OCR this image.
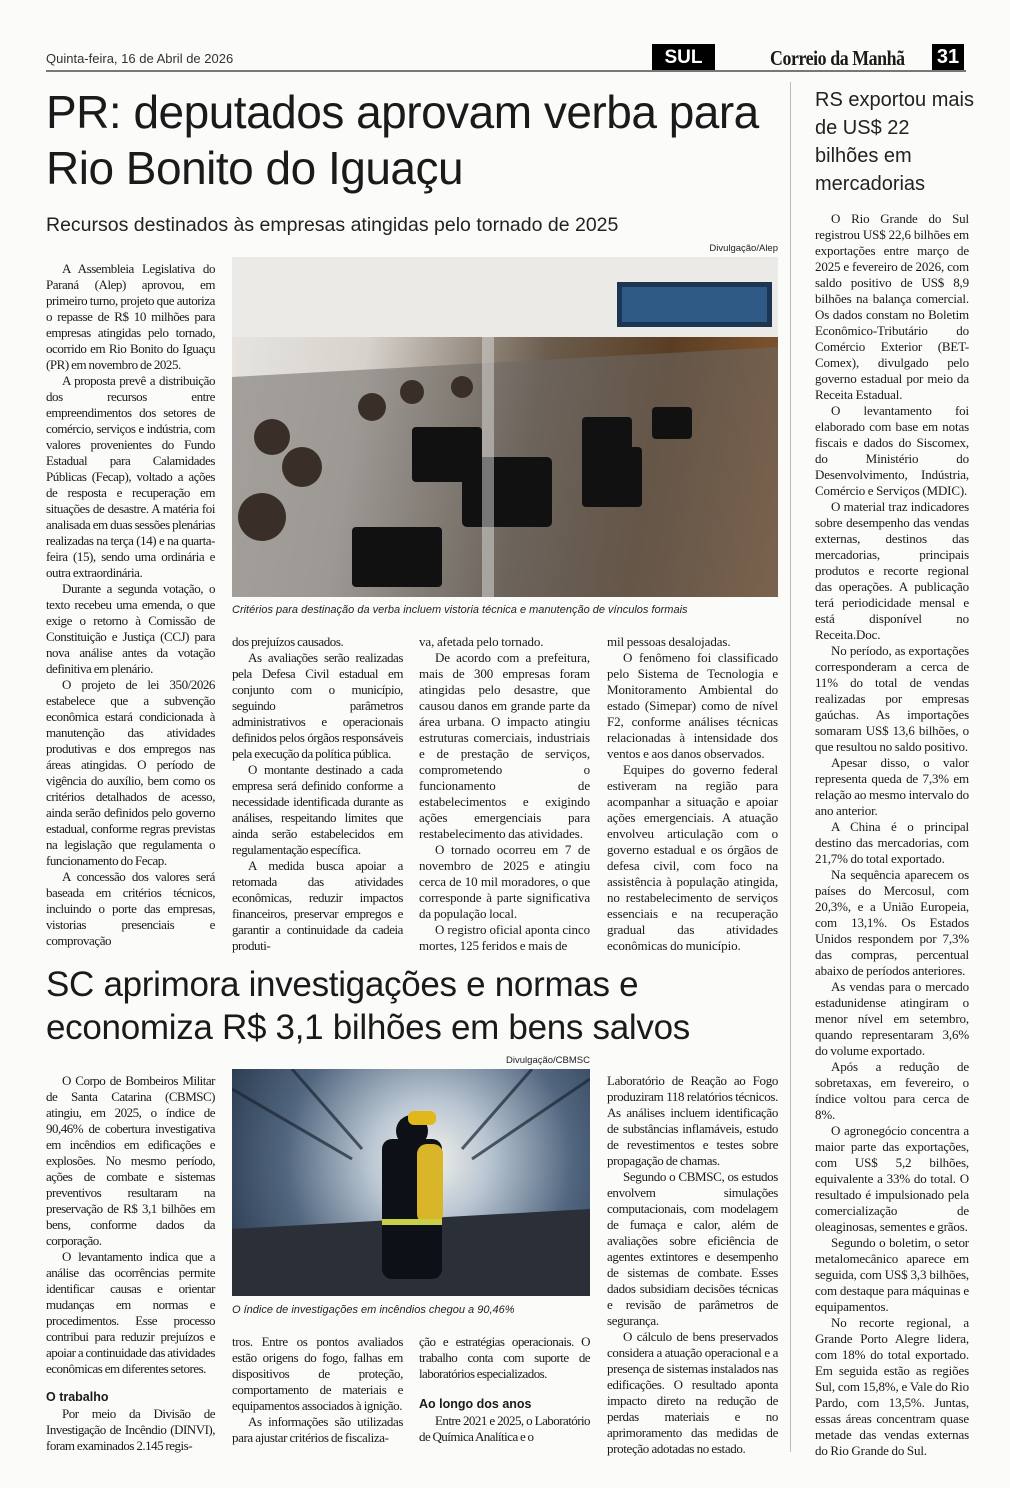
Quinta-feira, 16 de Abril de 2026	SUL	Correio da Manhã 31
PR: deputados aprovam verba para Rio Bonito do Iguaçu
Recursos destinados às empresas atingidas pelo tornado de 2025
Divulgação/Alep
Critérios para destinação da verba incluem vistoria técnica e manutenção de vínculos formais

A Assembleia Legislativa do Paraná (Alep) aprovou, em primeiro turno, projeto que autoriza o repasse de R$ 10 milhões para empresas atingidas pelo tornado, ocorrido em Rio Bonito do Iguaçu (PR) em novembro de 2025.

A proposta prevê a distribuição dos recursos entre empreendimentos dos setores de comércio, serviços e indústria, com valores provenientes do Fundo Estadual para Calamidades Públicas (Fecap), voltado a ações de resposta e recuperação em situações de desastre. A matéria foi analisada em duas sessões plenárias realizadas na terça (14) e na quarta-feira (15), sendo uma ordinária e outra extraordinária.

Durante a segunda votação, o texto recebeu uma emenda, o que exige o retorno à Comissão de Constituição e Justiça (CCJ) para nova análise antes da votação definitiva em plenário.

O projeto de lei 350/2026 estabelece que a subvenção econômica estará condicionada à manutenção das atividades produtivas e dos empregos nas áreas atingidas. O período de vigência do auxílio, bem como os critérios detalhados de acesso, ainda serão definidos pelo governo estadual, conforme regras previstas na legislação que regulamenta o funcionamento do Fecap.

A concessão dos valores será baseada em critérios técnicos, incluindo o porte das empresas, vistorias presenciais e comprovação

dos prejuízos causados.

As avaliações serão realizadas pela Defesa Civil estadual em conjunto com o município, seguindo parâmetros administrativos e operacionais definidos pelos órgãos responsáveis pela execução da política pública.

O montante destinado a cada empresa será definido conforme a necessidade identificada durante as análises, respeitando limites que ainda serão estabelecidos em regulamentação específica.

A medida busca apoiar a retomada das atividades econômicas, reduzir impactos financeiros, preservar empregos e garantir a continuidade da cadeia produti-

va, afetada pelo tornado.

De acordo com a prefeitura, mais de 300 empresas foram atingidas pelo desastre, que causou danos em grande parte da área urbana. O impacto atingiu estruturas comerciais, industriais e de prestação de serviços, comprometendo o funcionamento de estabelecimentos e exigindo ações emergenciais para restabelecimento das atividades.

O tornado ocorreu em 7 de novembro de 2025 e atingiu cerca de 10 mil moradores, o que corresponde à parte significativa da população local.

O registro oficial aponta cinco mortes, 125 feridos e mais de

mil pessoas desalojadas.

O fenômeno foi classificado pelo Sistema de Tecnologia e Monitoramento Ambiental do estado (Simepar) como de nível F2, conforme análises técnicas relacionadas à intensidade dos ventos e aos danos observados.

Equipes do governo federal estiveram na região para acompanhar a situação e apoiar ações emergenciais. A atuação envolveu articulação com o governo estadual e os órgãos de defesa civil, com foco na assistência à população atingida, no restabelecimento de serviços essenciais e na recuperação gradual das atividades econômicas do município.

SC aprimora investigações e normas e economiza R$ 3,1 bilhões em bens salvos
Divulgação/CBMSC
O índice de investigações em incêndios chegou a 90,46%

O Corpo de Bombeiros Militar de Santa Catarina (CBMSC) atingiu, em 2025, o índice de 90,46% de cobertura investigativa em incêndios em edificações e explosões. No mesmo período, ações de combate e sistemas preventivos resultaram na preservação de R$ 3,1 bilhões em bens, conforme dados da corporação.

O levantamento indica que a análise das ocorrências permite identificar causas e orientar mudanças em normas e procedimentos. Esse processo contribui para reduzir prejuízos e apoiar a continuidade das atividades econômicas em diferentes setores.

O trabalho

Por meio da Divisão de Investigação de Incêndio (DINVI), foram examinados 2.145 regis-

tros. Entre os pontos avaliados estão origens do fogo, falhas em dispositivos de proteção, comportamento de materiais e equipamentos associados à ignição.

As informações são utilizadas para ajustar critérios de fiscaliza-

ção e estratégias operacionais. O trabalho conta com suporte de laboratórios especializados.

Ao longo dos anos

Entre 2021 e 2025, o Laboratório de Química Analítica e o

Laboratório de Reação ao Fogo produziram 118 relatórios técnicos. As análises incluem identificação de substâncias inflamáveis, estudo de revestimentos e testes sobre propagação de chamas.

Segundo o CBMSC, os estudos envolvem simulações computacionais, com modelagem de fumaça e calor, além de avaliações sobre eficiência de agentes extintores e desempenho de sistemas de combate. Esses dados subsidiam decisões técnicas e revisão de parâmetros de segurança.

O cálculo de bens preservados considera a atuação operacional e a presença de sistemas instalados nas edificações. O resultado aponta impacto direto na redução de perdas materiais e no aprimoramento das medidas de proteção adotadas no estado.

RS exportou mais de US$ 22 bilhões em mercadorias

O Rio Grande do Sul registrou US$ 22,6 bilhões em exportações entre março de 2025 e fevereiro de 2026, com saldo positivo de US$ 8,9 bilhões na balança comercial. Os dados constam no Boletim Econômico-Tributário do Comércio Exterior (BET-Comex), divulgado pelo governo estadual por meio da Receita Estadual.

O levantamento foi elaborado com base em notas fiscais e dados do Siscomex, do Ministério do Desenvolvimento, Indústria, Comércio e Serviços (MDIC).

O material traz indicadores sobre desempenho das vendas externas, destinos das mercadorias, principais produtos e recorte regional das operações. A publicação terá periodicidade mensal e está disponível no Receita.Doc.

No período, as exportações corresponderam a cerca de 11% do total de vendas realizadas por empresas gaúchas. As importações somaram US$ 13,6 bilhões, o que resultou no saldo positivo.

Apesar disso, o valor representa queda de 7,3% em relação ao mesmo intervalo do ano anterior.

A China é o principal destino das mercadorias, com 21,7% do total exportado.

Na sequência aparecem os países do Mercosul, com 20,3%, e a União Europeia, com 13,1%. Os Estados Unidos respondem por 7,3% das compras, percentual abaixo de períodos anteriores.

As vendas para o mercado estadunidense atingiram o menor nível em setembro, quando representaram 3,6% do volume exportado.

Após a redução de sobretaxas, em fevereiro, o índice voltou para cerca de 8%.

O agronegócio concentra a maior parte das exportações, com US$ 5,2 bilhões, equivalente a 33% do total. O resultado é impulsionado pela comercialização de oleaginosas, sementes e grãos.

Segundo o boletim, o setor metalomecânico aparece em seguida, com US$ 3,3 bilhões, com destaque para máquinas e equipamentos.

No recorte regional, a Grande Porto Alegre lidera, com 18% do total exportado. Em seguida estão as regiões Sul, com 15,8%, e Vale do Rio Pardo, com 13,5%. Juntas, essas áreas concentram quase metade das vendas externas do Rio Grande do Sul.
